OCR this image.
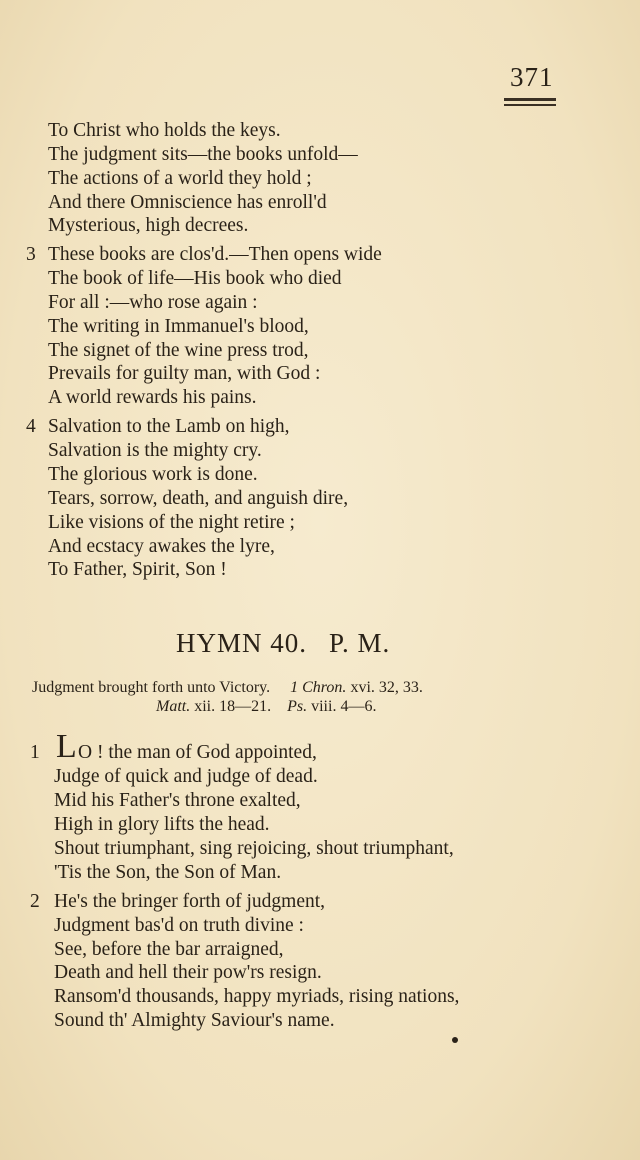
371
To Christ who holds the keys.
The judgment sits—the books unfold—
The actions of a world they hold ;
And there Omniscience has enroll'd
Mysterious, high decrees.
3 These books are clos'd.—Then opens wide
The book of life—His book who died
For all :—who rose again :
The writing in Immanuel's blood,
The signet of the wine press trod,
Prevails for guilty man, with God :
A world rewards his pains.
4 Salvation to the Lamb on high,
Salvation is the mighty cry.
The glorious work is done.
Tears, sorrow, death, and anguish dire,
Like visions of the night retire ;
And ecstacy awakes the lyre,
To Father, Spirit, Son !
HYMN 40. P. M.
Judgment brought forth unto Victory. 1 Chron. xvi. 32, 33.
Matt. xii. 18—21. Ps. viii. 4—6.
1 L O ! the man of God appointed,
Judge of quick and judge of dead.
Mid his Father's throne exalted,
High in glory lifts the head.
Shout triumphant, sing rejoicing, shout triumphant,
'Tis the Son, the Son of Man.
2 He's the bringer forth of judgment,
Judgment bas'd on truth divine :
See, before the bar arraigned,
Death and hell their pow'rs resign.
Ransom'd thousands, happy myriads, rising nations,
Sound th' Almighty Saviour's name.
